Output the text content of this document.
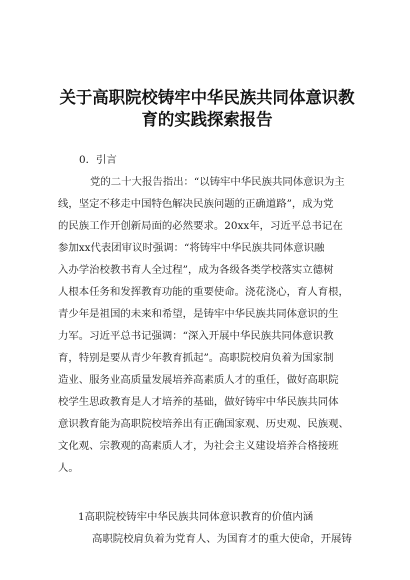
关于高职院校铸牢中华民族共同体意识教
育的实践探索报告
0．引言
党的二十大报告指出：“以铸牢中华民族共同体意识为主
线，坚定不移走中国特色解决民族问题的正确道路”，成为党
的民族工作开创新局面的必然要求。20xx年，习近平总书记在
参加xx代表团审议时强调：“将铸牢中华民族共同体意识融
入办学治校教书育人全过程”，成为各级各类学校落实立德树
人根本任务和发挥教育功能的重要使命。浇花浇心，育人育根，
青少年是祖国的未来和希望，是铸牢中华民族共同体意识的生
力军。习近平总书记强调：“深入开展中华民族共同体意识教
育，特别是要从青少年教育抓起”。高职院校肩负着为国家制
造业、服务业高质量发展培养高素质人才的重任，做好高职院
校学生思政教育是人才培养的基础，做好铸牢中华民族共同体
意识教育能为高职院校培养出有正确国家观、历史观、民族观、
文化观、宗教观的高素质人才，为社会主义建设培养合格接班
人。
1高职院校铸牢中华民族共同体意识教育的价值内涵
高职院校肩负着为党育人、为国育才的重大使命，开展铸
